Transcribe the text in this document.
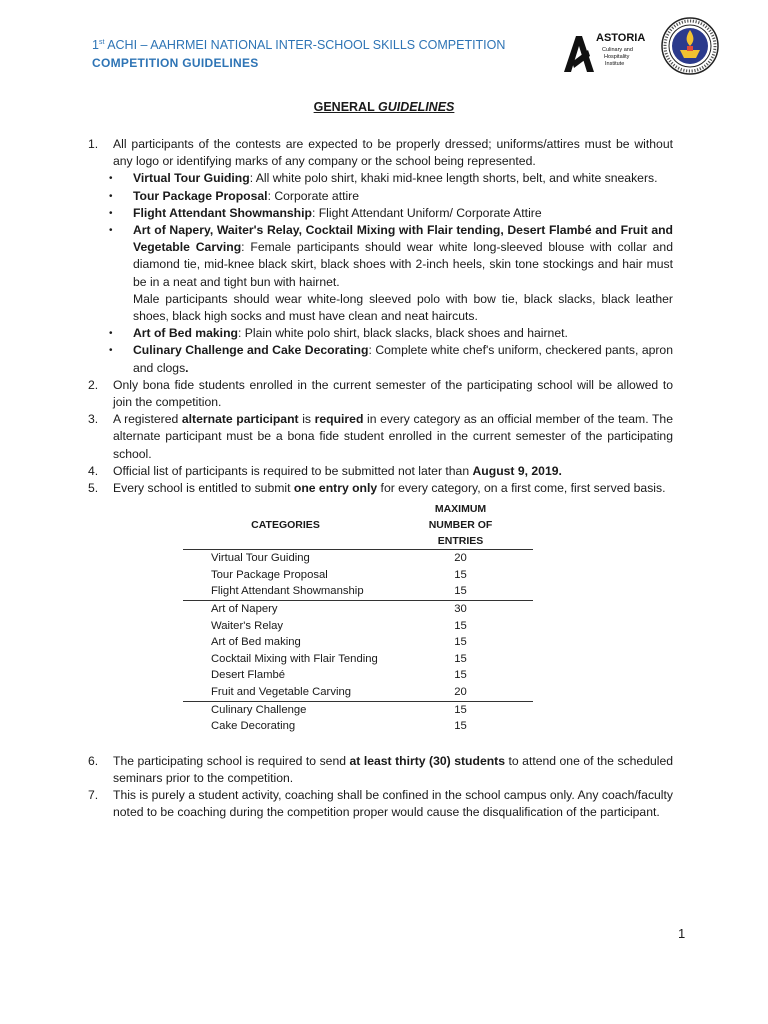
1st ACHI – AAHRMEI NATIONAL INTER-SCHOOL SKILLS COMPETITION
COMPETITION GUIDELINES
ASTORIA
Culinary and
Hospitality
Institute
GENERAL GUIDELINES
1. All participants of the contests are expected to be properly dressed; uniforms/attires must be without any logo or identifying marks of any company or the school being represented.
• Virtual Tour Guiding: All white polo shirt, khaki mid-knee length shorts, belt, and white sneakers.
• Tour Package Proposal: Corporate attire
• Flight Attendant Showmanship: Flight Attendant Uniform/ Corporate Attire
• Art of Napery, Waiter's Relay, Cocktail Mixing with Flair tending, Desert Flambé and Fruit and Vegetable Carving: Female participants should wear white long-sleeved blouse with collar and diamond tie, mid-knee black skirt, black shoes with 2-inch heels, skin tone stockings and hair must be in a neat and tight bun with hairnet.
Male participants should wear white-long sleeved polo with bow tie, black slacks, black leather shoes, black high socks and must have clean and neat haircuts.
• Art of Bed making: Plain white polo shirt, black slacks, black shoes and hairnet.
• Culinary Challenge and Cake Decorating: Complete white chef's uniform, checkered pants, apron and clogs.
2. Only bona fide students enrolled in the current semester of the participating school will be allowed to join the competition.
3. A registered alternate participant is required in every category as an official member of the team. The alternate participant must be a bona fide student enrolled in the current semester of the participating school.
4. Official list of participants is required to be submitted not later than August 9, 2019.
5. Every school is entitled to submit one entry only for every category, on a first come, first served basis.
CATEGORIES	MAXIMUM
NUMBER OF
ENTRIES
Virtual Tour Guiding	20
Tour Package Proposal	15
Flight Attendant Showmanship	15
Art of Napery	30
Waiter's Relay	15
Art of Bed making	15
Cocktail Mixing with Flair Tending	15
Desert Flambé	15
Fruit and Vegetable Carving	20
Culinary Challenge	15
Cake Decorating	15
6. The participating school is required to send at least thirty (30) students to attend one of the scheduled seminars prior to the competition.
7. This is purely a student activity, coaching shall be confined in the school campus only. Any coach/faculty noted to be coaching during the competition proper would cause the disqualification of the participant.
1
